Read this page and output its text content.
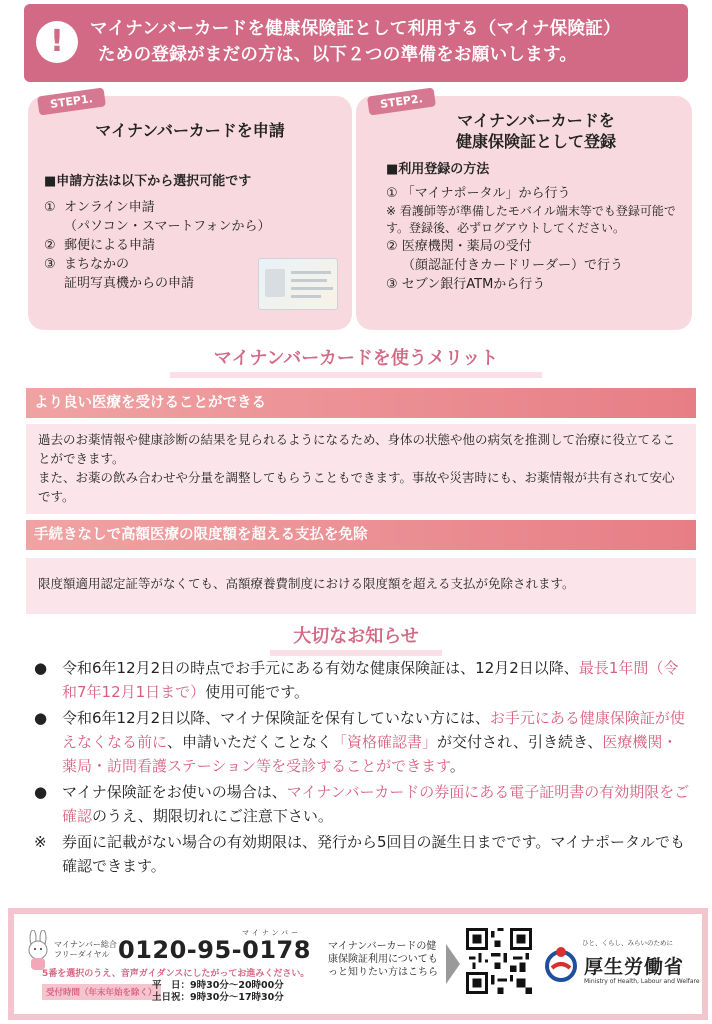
!	マイナンバーカードを健康保険証として利用する（マイナ保険証）
ための登録がまだの方は、以下２つの準備をお願いします。
STEP1.
マイナンバーカードを申請
■申請方法は以下から選択可能です
① オンライン申請
（パソコン・スマートフォンから）
② 郵便による申請
③ まちなかの
証明写真機からの申請
STEP2.
マイナンバーカードを
健康保険証として登録
■利用登録の方法
① 「マイナポータル」から行う
※ 看護師等が準備したモバイル端末等でも登録可能です。登録後、必ずログアウトしてください。
② 医療機関・薬局の受付
（顔認証付きカードリーダー）で行う
③ セブン銀行ATMから行う
マイナンバーカードを使うメリット
より良い医療を受けることができる
過去のお薬情報や健康診断の結果を見られるようになるため、身体の状態や他の病気を推測して治療に役立てることができます。
また、お薬の飲み合わせや分量を調整してもらうこともできます。事故や災害時にも、お薬情報が共有されて安心です。
手続きなしで高額医療の限度額を超える支払を免除
限度額適用認定証等がなくても、高額療養費制度における限度額を超える支払が免除されます。
大切なお知らせ
● 令和6年12月2日の時点でお手元にある有効な健康保険証は、12月2日以降、最長1年間（令和7年12月1日まで）使用可能です。
● 令和6年12月2日以降、マイナ保険証を保有していない方には、お手元にある健康保険証が使えなくなる前に、申請いただくことなく「資格確認書」が交付され、引き続き、医療機関・薬局・訪問看護ステーション等を受診することができます。
● マイナ保険証をお使いの場合は、マイナンバーカードの券面にある電子証明書の有効期限をご確認のうえ、期限切れにご注意下さい。
※ 券面に記載がない場合の有効期限は、発行から5回目の誕生日までです。マイナポータルでも確認できます。
マイナンバー総合
フリーダイヤル
マイナンバー
0120-95-0178
5番を選択のうえ、音声ガイダンスにしたがってお進みください。
受付時間（年末年始を除く）
平　日：9時30分～20時00分
土日祝：9時30分～17時30分
マイナンバーカードの健康保険証利用についてもっと知りたい方はこちら
ひと、くらし、みらいのために
厚生労働省
Ministry of Health, Labour and Welfare
